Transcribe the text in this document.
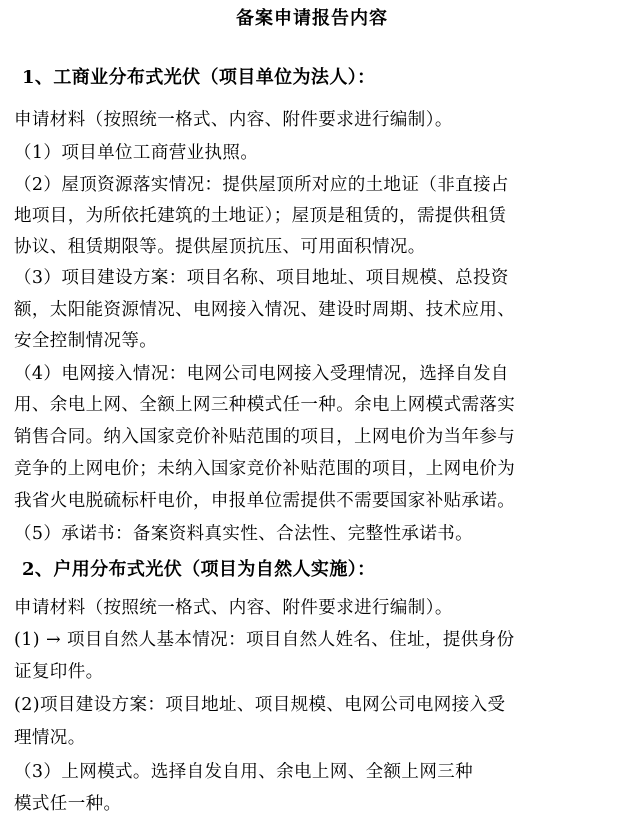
备案申请报告内容
1、工商业分布式光伏（项目单位为法人）：
申请材料（按照统一格式、内容、附件要求进行编制）。
（1）项目单位工商营业执照。
（2）屋顶资源落实情况：提供屋顶所对应的土地证（非直接占
地项目，为所依托建筑的土地证）；屋顶是租赁的，需提供租赁
协议、租赁期限等。提供屋顶抗压、可用面积情况。
（3）项目建设方案：项目名称、项目地址、项目规模、总投资
额，太阳能资源情况、电网接入情况、建设时周期、技术应用、
安全控制情况等。
（4）电网接入情况：电网公司电网接入受理情况，选择自发自
用、余电上网、全额上网三种模式任一种。余电上网模式需落实
销售合同。纳入国家竞价补贴范围的项目，上网电价为当年参与
竞争的上网电价；未纳入国家竞价补贴范围的项目，上网电价为
我省火电脱硫标杆电价，申报单位需提供不需要国家补贴承诺。
（5）承诺书：备案资料真实性、合法性、完整性承诺书。
2、户用分布式光伏（项目为自然人实施）：
申请材料（按照统一格式、内容、附件要求进行编制）。
(1) → 项目自然人基本情况：项目自然人姓名、住址，提供身份
证复印件。
(2)项目建设方案：项目地址、项目规模、电网公司电网接入受
理情况。
（3）上网模式。选择自发自用、余电上网、全额上网三种
模式任一种。
